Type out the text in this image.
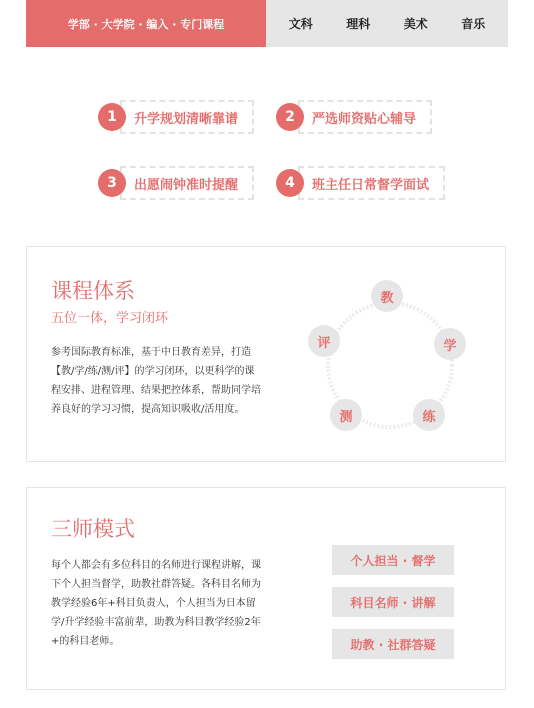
学部 · 大学院 · 编入 · 专门课程	文科	理科	美术	音乐
1	升学规划清晰靠谱	2	严选师资贴心辅导
3	出愿闹钟准时提醒	4	班主任日常督学面试
课程体系
五位一体，学习闭环
参考国际教育标准，基于中日教育差异，打造【教/学/练/测/评】的学习闭环，以更科学的课程安排、进程管理、结果把控体系，帮助同学培养良好的学习习惯，提高知识吸收/活用度。
教
学
练
测
评
三师模式
每个人都会有多位科目的名师进行课程讲解，课下个人担当督学，助教社群答疑。各科目名师为教学经验6年+科目负责人，个人担当为日本留学/升学经验丰富前辈，助教为科目教学经验2年+的科目老师。
个人担当 · 督学
科目名师 · 讲解
助教 · 社群答疑
